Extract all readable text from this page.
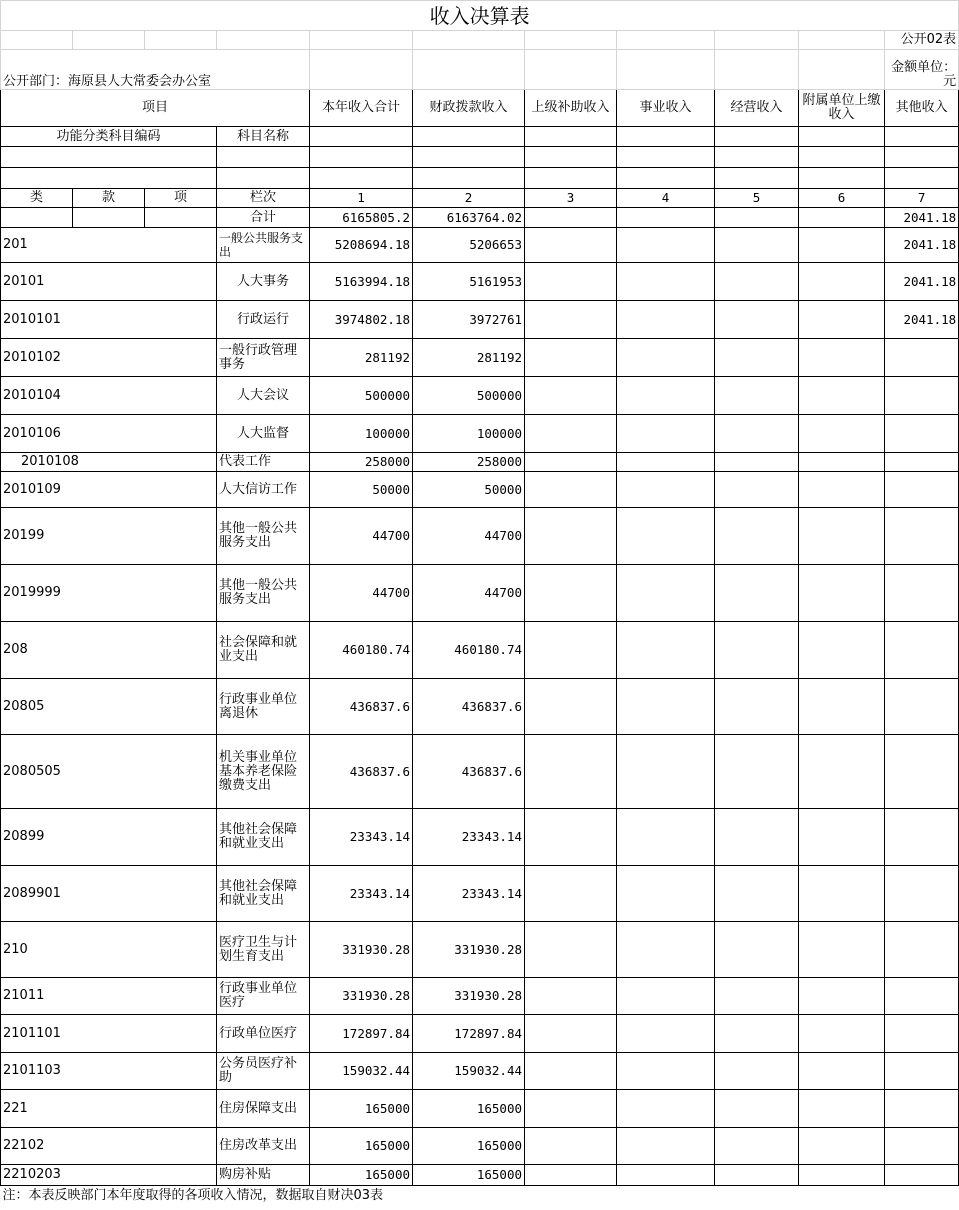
收入决算表										
										公开02表
公开部门：海原县人大常委会办公室										金额单位：元
项目				本年收入合计	财政拨款收入	上级补助收入	事业收入	经营收入	附属单位上缴收入	其他收入
功能分类科目编码			科目名称							

类	款	项	栏次	1	2	3	4	5	6	7
			合计	6165805.2	6163764.02					2041.18
201			一般公共服务支出	5208694.18	5206653					2041.18
20101			人大事务	5163994.18	5161953					2041.18
2010101			行政运行	3974802.18	3972761					2041.18
2010102			一般行政管理事务	281192	281192					
2010104			人大会议	500000	500000					
2010106			人大监督	100000	100000					
2010108			代表工作	258000	258000					
2010109			人大信访工作	50000	50000					
20199			其他一般公共服务支出	44700	44700					
2019999			其他一般公共服务支出	44700	44700					
208			社会保障和就业支出	460180.74	460180.74					
20805			行政事业单位离退休	436837.6	436837.6					
2080505			机关事业单位基本养老保险缴费支出	436837.6	436837.6					
20899			其他社会保障和就业支出	23343.14	23343.14					
2089901			其他社会保障和就业支出	23343.14	23343.14					
210			医疗卫生与计划生育支出	331930.28	331930.28					
21011			行政事业单位医疗	331930.28	331930.28					
2101101			行政单位医疗	172897.84	172897.84					
2101103			公务员医疗补助	159032.44	159032.44					
221			住房保障支出	165000	165000					
22102			住房改革支出	165000	165000					
2210203			购房补贴	165000	165000					
注：本表反映部门本年度取得的各项收入情况，数据取自财决03表										
